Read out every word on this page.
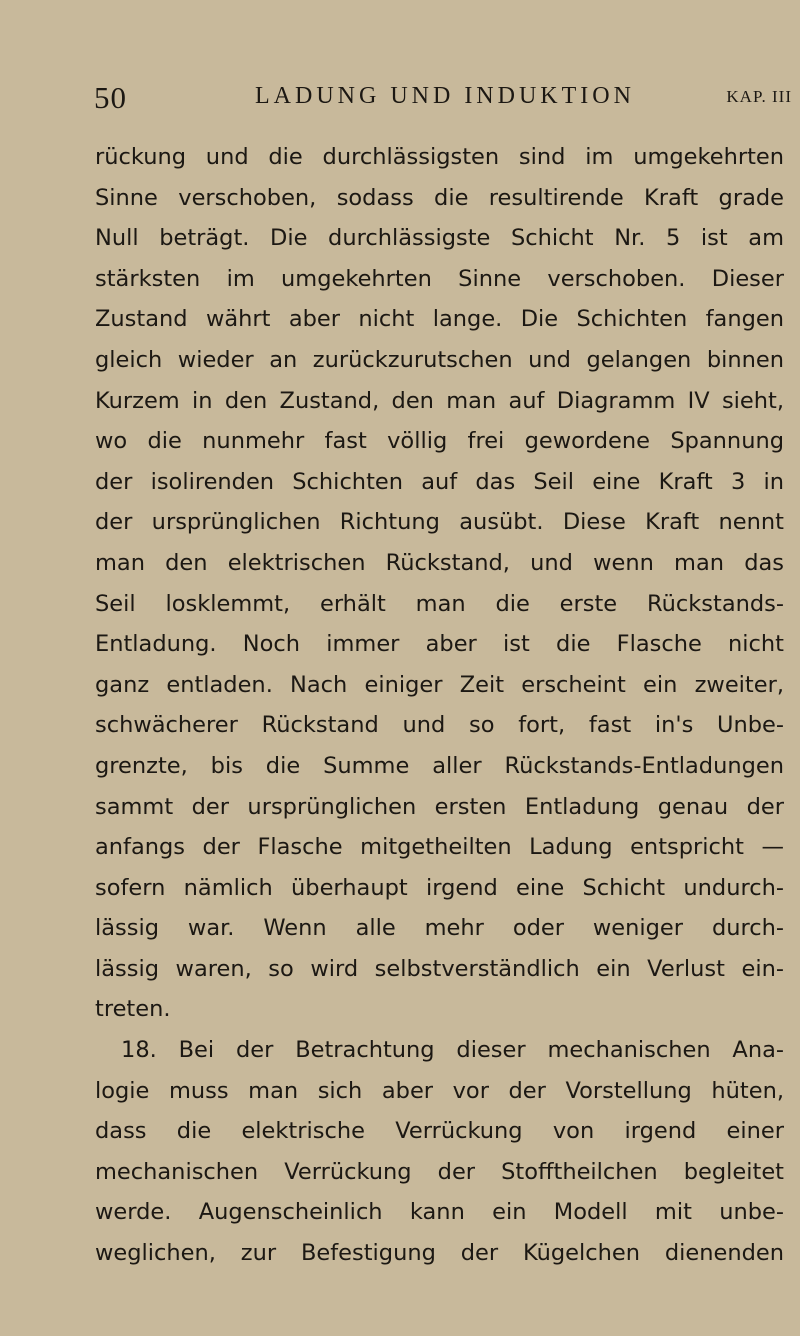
50	LADUNG UND INDUKTION	KAP. III
rückung und die durchlässigsten sind im umgekehrten
Sinne verschoben, sodass die resultirende Kraft grade
Null beträgt. Die durchlässigste Schicht Nr. 5 ist am
stärksten im umgekehrten Sinne verschoben. Dieser
Zustand währt aber nicht lange. Die Schichten fangen
gleich wieder an zurückzurutschen und gelangen binnen
Kurzem in den Zustand, den man auf Diagramm IV sieht,
wo die nunmehr fast völlig frei gewordene Spannung
der isolirenden Schichten auf das Seil eine Kraft 3 in
der ursprünglichen Richtung ausübt. Diese Kraft nennt
man den elektrischen Rückstand, und wenn man das
Seil losklemmt, erhält man die erste Rückstands-
Entladung. Noch immer aber ist die Flasche nicht
ganz entladen. Nach einiger Zeit erscheint ein zweiter,
schwächerer Rückstand und so fort, fast in's Unbe-
grenzte, bis die Summe aller Rückstands-Entladungen
sammt der ursprünglichen ersten Entladung genau der
anfangs der Flasche mitgetheilten Ladung entspricht —
sofern nämlich überhaupt irgend eine Schicht undurch-
lässig war. Wenn alle mehr oder weniger durch-
lässig waren, so wird selbstverständlich ein Verlust ein-
treten.
18. Bei der Betrachtung dieser mechanischen Ana-
logie muss man sich aber vor der Vorstellung hüten,
dass die elektrische Verrückung von irgend einer
mechanischen Verrückung der Stofftheilchen begleitet
werde. Augenscheinlich kann ein Modell mit unbe-
weglichen, zur Befestigung der Kügelchen dienenden
